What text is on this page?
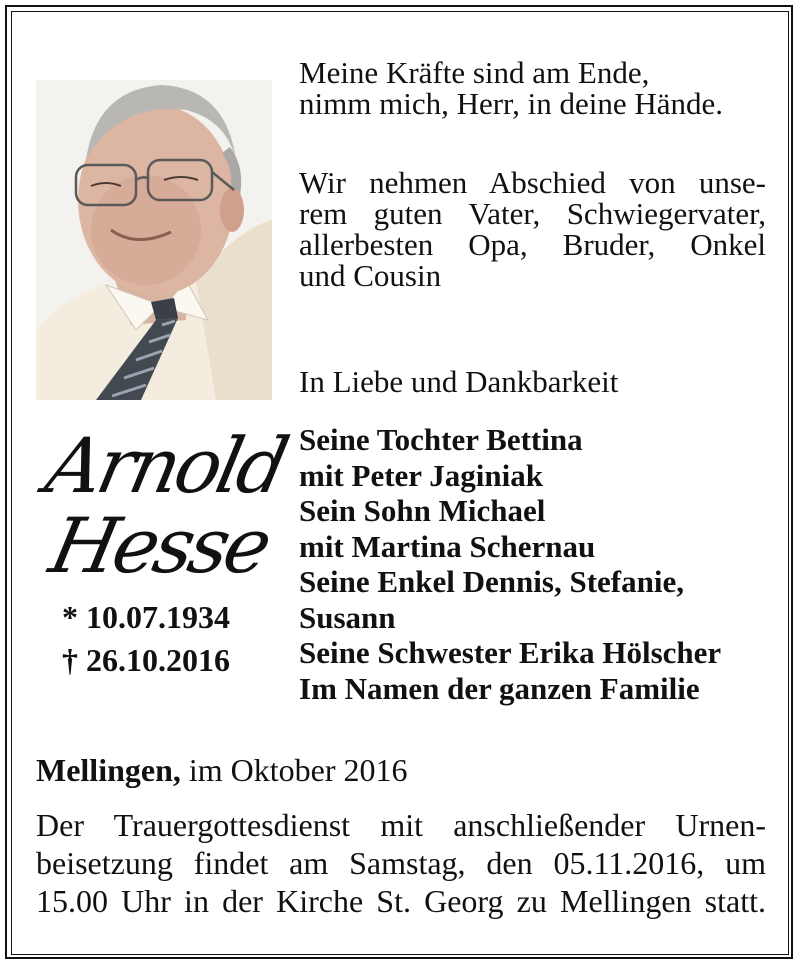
Meine Kräfte sind am Ende,
nimm mich, Herr, in deine Hände.
Wir nehmen Abschied von unse-
rem guten Vater, Schwiegervater,
allerbesten Opa, Bruder, Onkel
und Cousin
In Liebe und Dankbarkeit
Seine Tochter Bettina
mit Peter Jaginiak
Sein Sohn Michael
mit Martina Schernau
Seine Enkel Dennis, Stefanie,
Susann
Seine Schwester Erika Hölscher
Im Namen der ganzen Familie
Arnold
Hesse
* 10.07.1934
† 26.10.2016
Mellingen, im Oktober 2016
Der Trauergottesdienst mit anschließender Urnen-
beisetzung findet am Samstag, den 05.11.2016, um
15.00 Uhr in der Kirche St. Georg zu Mellingen statt.
